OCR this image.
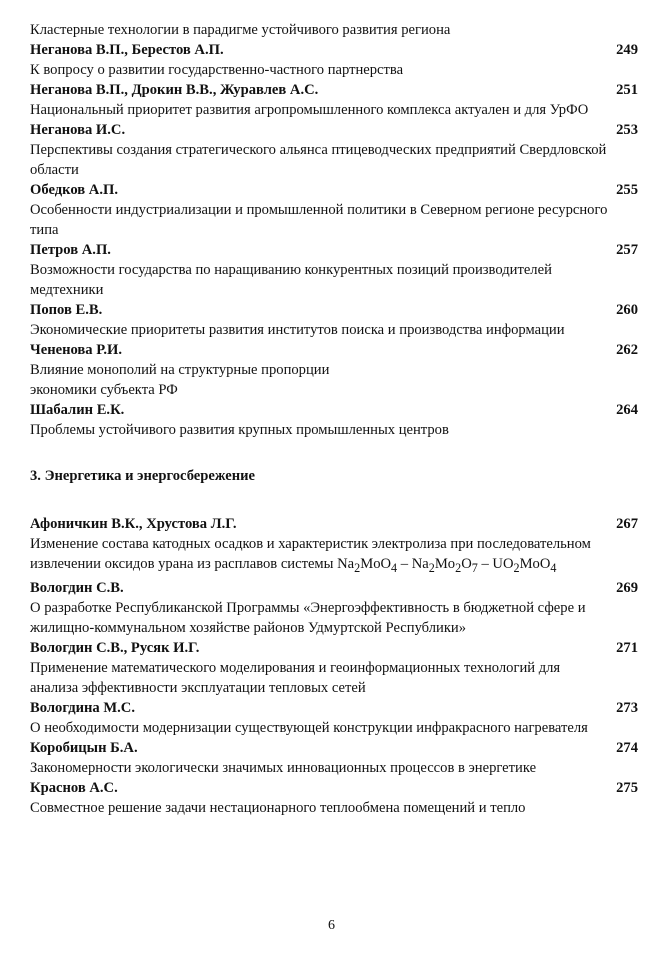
Кластерные технологии в парадигме устойчивого развития региона

Неганова В.П., Берестов А.П.	249
К вопросу о развитии государственно-частного партнерства
Неганова В.П., Дрокин В.В., Журавлев А.С.	251
Национальный приоритет развития агропромышленного комплекса актуален и для УрФО
Неганова И.С.	253
Перспективы создания стратегического альянса птицеводческих предприятий Свердловской области
Обедков А.П.	255
Особенности индустриализации и промышленной политики в Северном регионе ресурсного типа
Петров А.П.	257
Возможности государства по наращиванию конкурентных позиций производителей медтехники
Попов Е.В.	260
Экономические приоритеты развития институтов поиска и производства информации
Чененова Р.И.	262
Влияние монополий на структурные пропорции
экономики субъекта РФ
Шабалин Е.К.	264
Проблемы устойчивого развития крупных промышленных центров
3. Энергетика и энергосбережение
Афоничкин В.К., Хрустова Л.Г.	267
Изменение состава катодных осадков и характеристик электролиза при последовательном извлечении оксидов урана из расплавов системы $Na_2MoO_4 - Na_2Mo_2O_7 - UO_2MoO_4$
Вологдин С.В.	269
О разработке Республиканской Программы «Энергоэффективность в бюджетной сфере и жилищно-коммунальном хозяйстве районов Удмуртской Республики»
Вологдин С.В., Русяк И.Г.	271
Применение математического моделирования и геоинформационных технологий для анализа эффективности эксплуатации тепловых сетей
Вологдина М.С.	273
О необходимости модернизации существующей конструкции инфракрасного нагревателя
Коробицын Б.А.	274
Закономерности экологически значимых инновационных процессов в энергетике
Краснов А.С.	275
Совместное решение задачи нестационарного теплообмена помещений и тепло
6
